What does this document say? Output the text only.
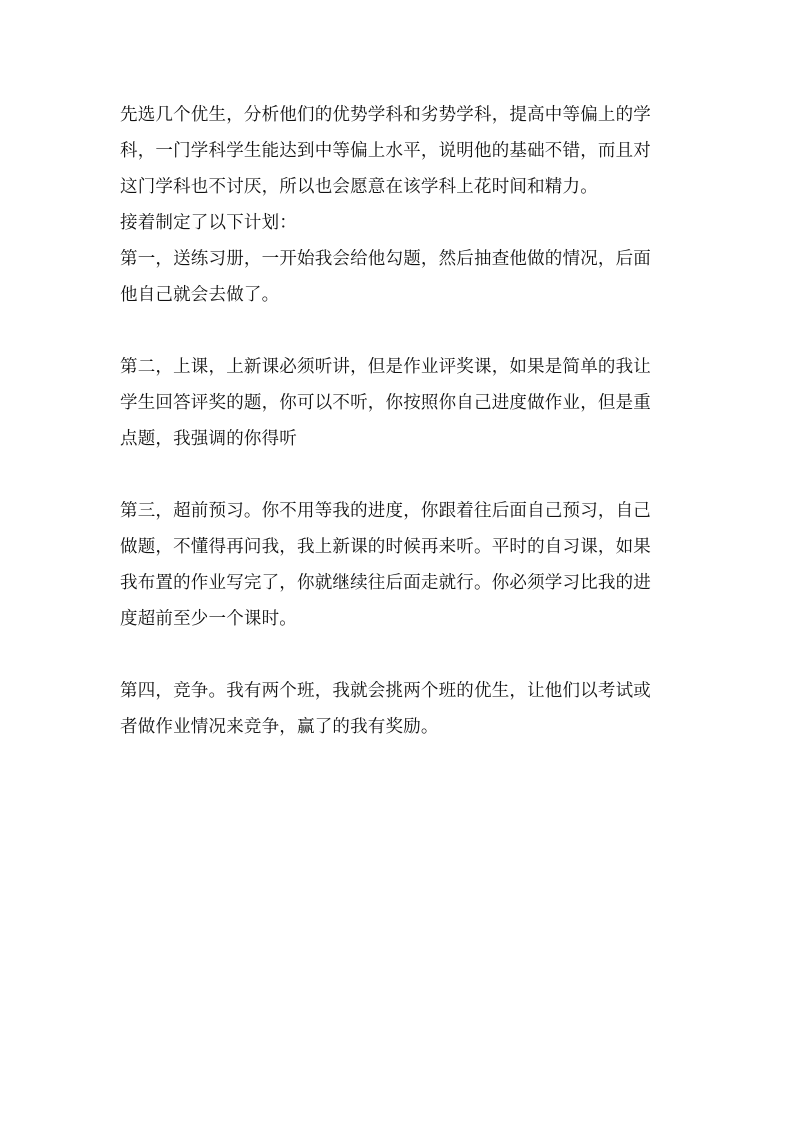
先选几个优生，分析他们的优势学科和劣势学科，提高中等偏上的学
科，一门学科学生能达到中等偏上水平，说明他的基础不错，而且对
这门学科也不讨厌，所以也会愿意在该学科上花时间和精力。
接着制定了以下计划：
第一，送练习册，一开始我会给他勾题，然后抽查他做的情况，后面
他自己就会去做了。
第二，上课，上新课必须听讲，但是作业评奖课，如果是简单的我让
学生回答评奖的题，你可以不听，你按照你自己进度做作业，但是重
点题，我强调的你得听
第三，超前预习。你不用等我的进度，你跟着往后面自己预习，自己
做题，不懂得再问我，我上新课的时候再来听。平时的自习课，如果
我布置的作业写完了，你就继续往后面走就行。你必须学习比我的进
度超前至少一个课时。
第四，竞争。我有两个班，我就会挑两个班的优生，让他们以考试或
者做作业情况来竞争，赢了的我有奖励。
